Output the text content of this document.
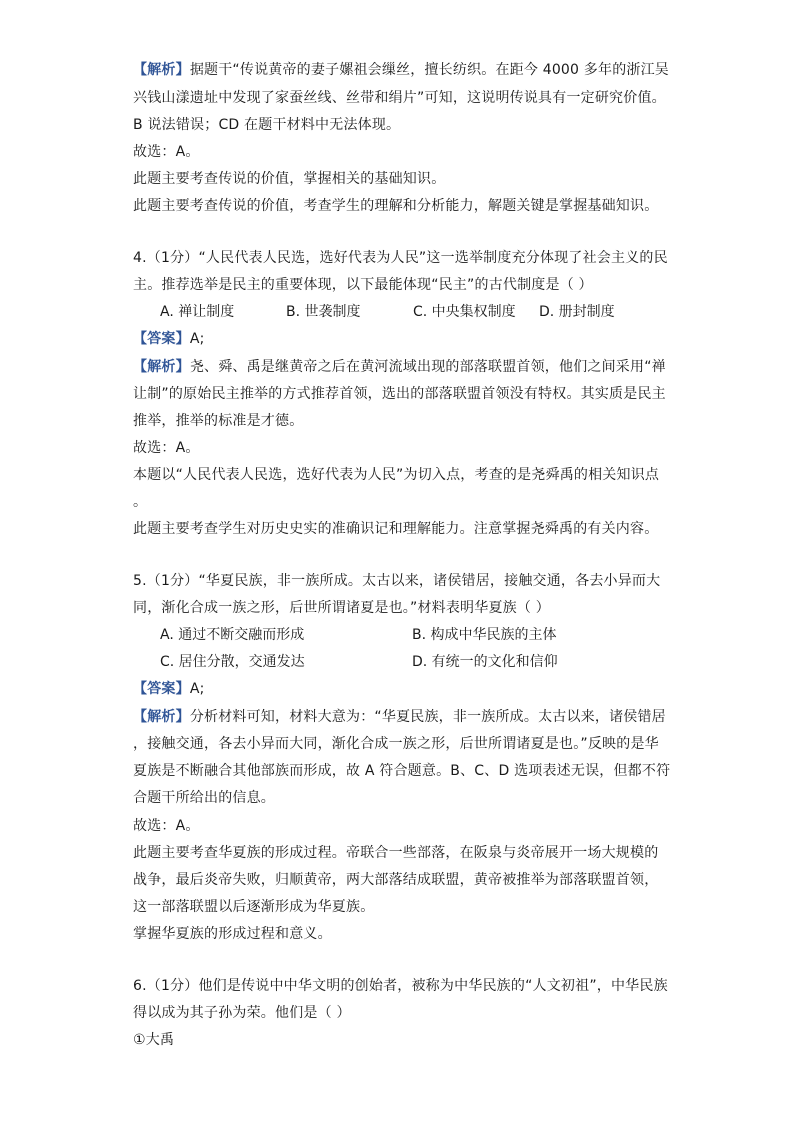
【解析】据题干“传说黄帝的妻子嫘祖会缫丝，擅长纺织。在距今 4000 多年的浙江吴
兴钱山漾遗址中发现了家蚕丝线、丝带和绢片”可知，这说明传说具有一定研究价值。
B 说法错误；CD 在题干材料中无法体现。
故选：A。
此题主要考查传说的价值，掌握相关的基础知识。
此题主要考查传说的价值，考查学生的理解和分析能力，解题关键是掌握基础知识。
4.（1分）“人民代表人民选，选好代表为人民”这一选举制度充分体现了社会主义的民
主。推荐选举是民主的重要体现，以下最能体现“民主”的古代制度是（ ）
A. 禅让制度	B. 世袭制度	C. 中央集权制度 D. 册封制度
【答案】A;
【解析】尧、舜、禹是继黄帝之后在黄河流域出现的部落联盟首领，他们之间采用“禅
让制”的原始民主推举的方式推荐首领，选出的部落联盟首领没有特权。其实质是民主
推举，推举的标准是才德。
故选：A。
本题以“人民代表人民选，选好代表为人民”为切入点，考查的是尧舜禹的相关知识点
。
此题主要考查学生对历史史实的准确识记和理解能力。注意掌握尧舜禹的有关内容。
5.（1分）“华夏民族，非一族所成。太古以来，诸侯错居，接触交通，各去小异而大
同，渐化合成一族之形，后世所谓诸夏是也。”材料表明华夏族（ ）
A. 通过不断交融而形成	B. 构成中华民族的主体
C. 居住分散，交通发达	D. 有统一的文化和信仰
【答案】A;
【解析】分析材料可知，材料大意为：“华夏民族，非一族所成。太古以来，诸侯错居
，接触交通，各去小异而大同，渐化合成一族之形，后世所谓诸夏是也。”反映的是华
夏族是不断融合其他部族而形成，故 A 符合题意。B、C、D 选项表述无误，但都不符
合题干所给出的信息。
故选：A。
此题主要考查华夏族的形成过程。帝联合一些部落，在阪泉与炎帝展开一场大规模的
战争，最后炎帝失败，归顺黄帝，两大部落结成联盟，黄帝被推举为部落联盟首领，
这一部落联盟以后逐渐形成为华夏族。
掌握华夏族的形成过程和意义。
6.（1分）他们是传说中中华文明的创始者，被称为中华民族的“人文初祖”，中华民族
得以成为其子孙为荣。他们是（ ）
①大禹
